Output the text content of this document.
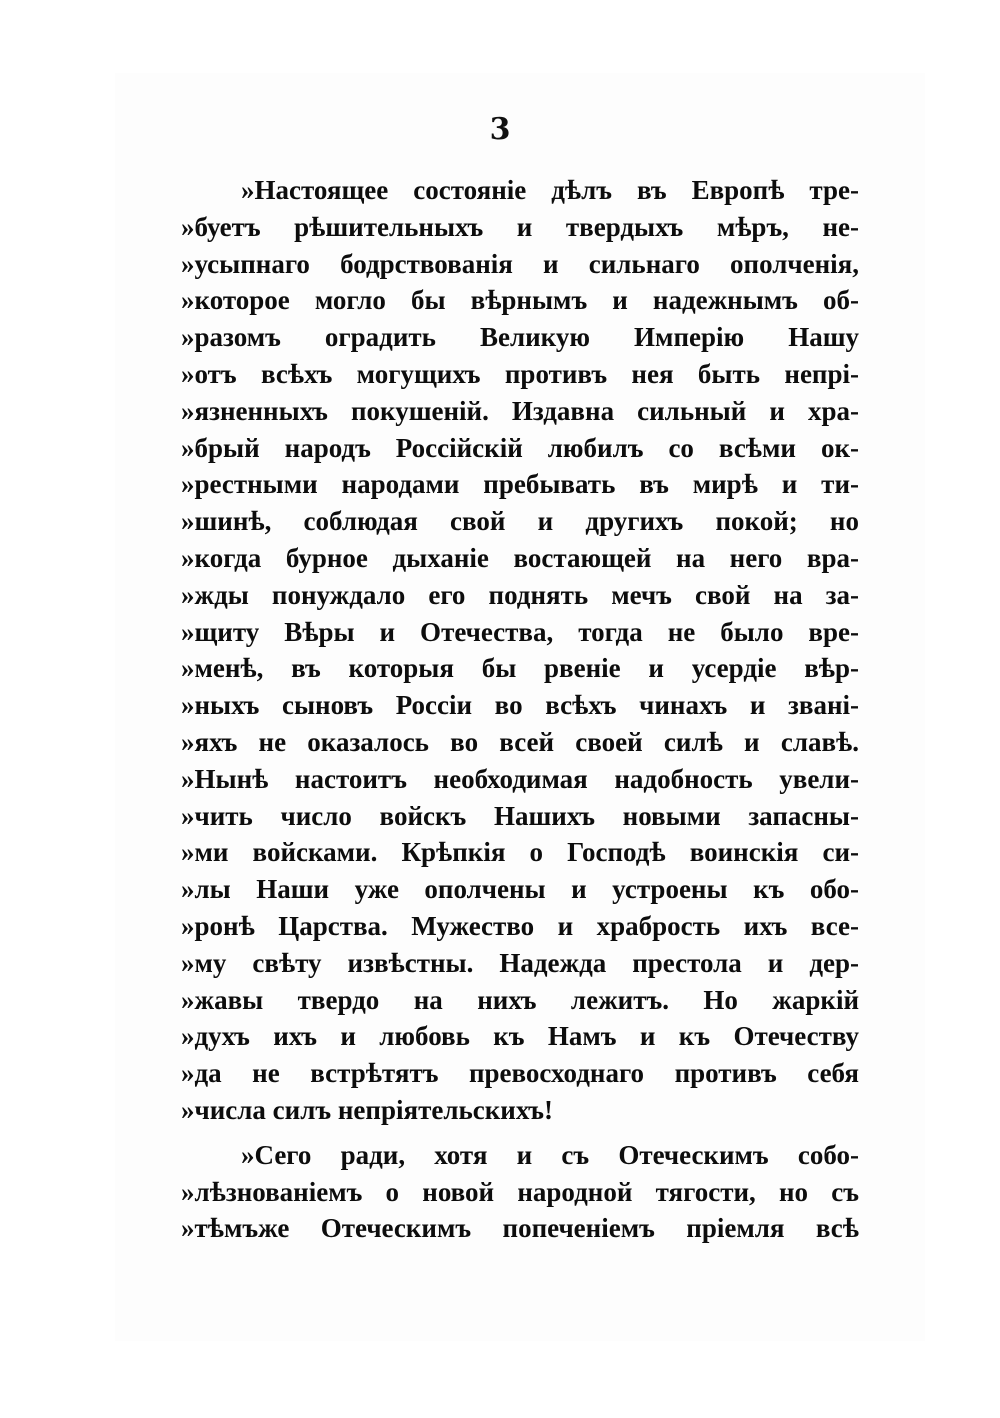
3
»Настоящее состояніе дѣлъ въ Европѣ тре-
»буетъ рѣшительныхъ и твердыхъ мѣръ, не-
»усыпнаго бодрствованія и сильнаго ополченія,
»которое могло бы вѣрнымъ и надежнымъ об-
»разомъ оградить Великую Имперію Нашу
»отъ всѣхъ могущихъ противъ нея быть непрі-
»язненныхъ покушеній. Издавна сильный и хра-
»брый народъ Россійскій любилъ со всѣми ок-
»рестными народами пребывать въ мирѣ и ти-
»шинѣ, соблюдая свой и другихъ покой; но
»когда бурное дыханіе востающей на него вра-
»жды понуждало его поднять мечъ свой на за-
»щиту Вѣры и Отечества, тогда не было вре-
»менѣ, въ которыя бы рвеніе и усердіе вѣр-
»ныхъ сыновъ Россіи во всѣхъ чинахъ и звані-
»яхъ не оказалось во всей своей силѣ и славѣ.
»Нынѣ настоитъ необходимая надобность увели-
»чить число войскъ Нашихъ новыми запасны-
»ми войсками. Крѣпкія о Господѣ воинскія си-
»лы Наши уже ополчены и устроены къ обо-
»ронѣ Царства. Мужество и храбрость ихъ все-
»му свѣту извѣстны. Надежда престола и дер-
»жавы твердо на нихъ лежитъ. Но жаркій
»духъ ихъ и любовь къ Намъ и къ Отечеству
»да не встрѣтятъ превосходнаго противъ себя
»числа силъ непріятельскихъ!
»Сего ради, хотя и съ Отеческимъ собо-
»лѣзнованіемъ о новой народной тягости, но съ
»тѣмъже Отеческимъ попеченіемъ пріемля всѣ
